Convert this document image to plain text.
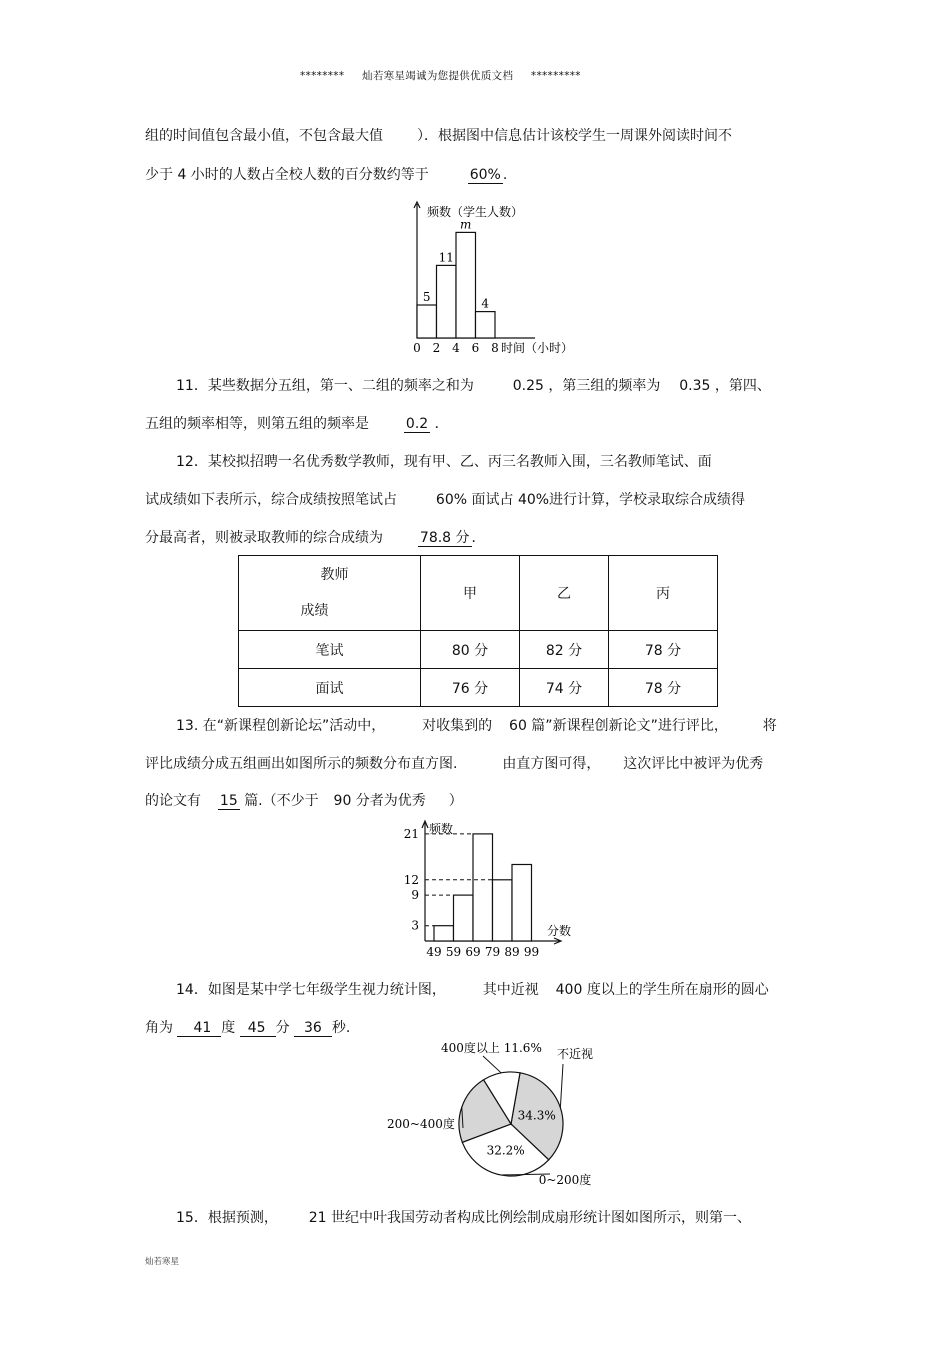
******** 灿若寒星竭诚为您提供优质文档 *********
组的时间值包含最小值，不包含最大值 ）．根据图中信息估计该校学生一周课外阅读时间不
少于 4 小时的人数占全校人数的百分数约等于	60% .
频数（学生人数）
5
11
m
4
0 2 4 6 8 时间（小时）
11．某些数据分五组，第一、二组的频率之和为	0.25 ，第三组的频率为 0.35 ，第四、
五组的频率相等，则第五组的频率是	0.2 ．
12．某校拟招聘一名优秀数学教师，现有甲、乙、丙三名教师入围，三名教师笔试、面
试成绩如下表所示，综合成绩按照笔试占	60% 面试占 40%进行计算，学校录取综合成绩得
分最高者，则被录取教师的综合成绩为	78.8 分 ．
教师
成绩	甲	乙	丙
笔试	80 分	82 分	78 分
面试	76 分	74 分	78 分
13. 在“新课程创新论坛”活动中，	对收集到的 60 篇”新课程创新论文”进行评比， 将
评比成绩分成五组画出如图所示的频数分布直方图.	由直方图可得， 这次评比中被评为优秀
的论文有 15 篇.（不少于 90 分者为优秀 ）
频数
分数
3
9
12
21
49 59 69 79 89 99
14．如图是某中学七年级学生视力统计图，	其中近视 400 度以上的学生所在扇形的圆心
角为 41 度 45 分 36 秒.
34.3%
32.2%
不近视
0~200度
200~400度
400度以上 11.6%
15．根据预测， 21 世纪中叶我国劳动者构成比例绘制成扇形统计图如图所示，则第一、
灿若寒星
